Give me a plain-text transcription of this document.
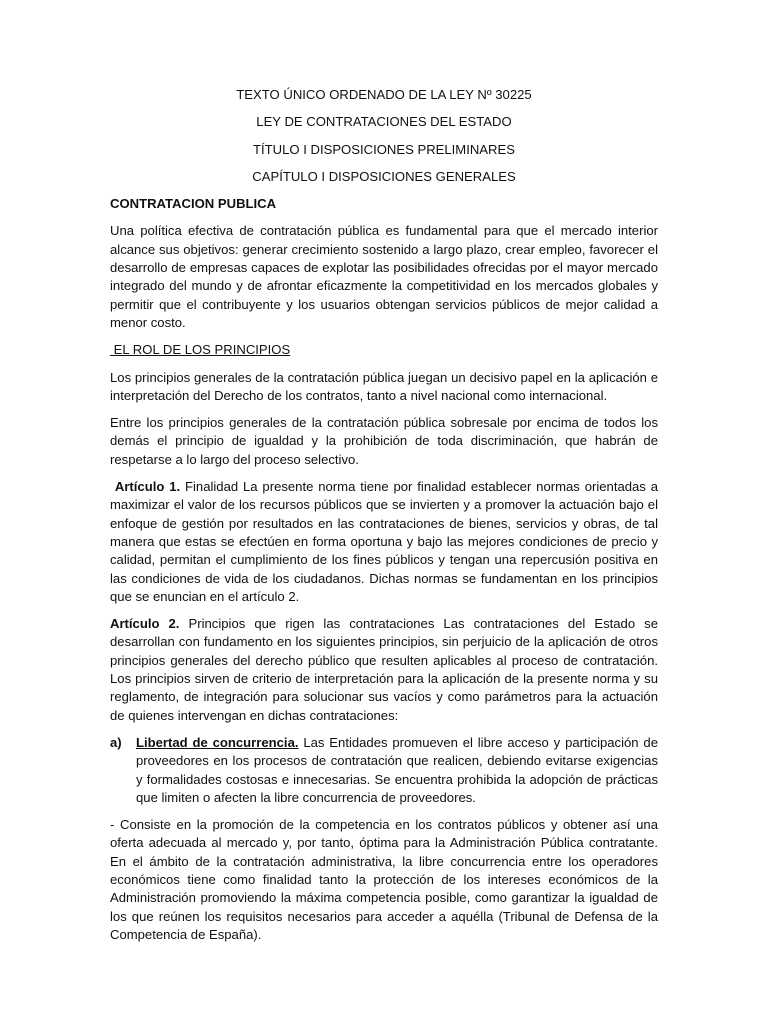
TEXTO ÚNICO ORDENADO DE LA LEY Nº 30225
LEY DE CONTRATACIONES DEL ESTADO
TÍTULO I DISPOSICIONES PRELIMINARES
CAPÍTULO I DISPOSICIONES GENERALES
CONTRATACION PUBLICA

Una política efectiva de contratación pública es fundamental para que el mercado interior alcance sus objetivos: generar crecimiento sostenido a largo plazo, crear empleo, favorecer el desarrollo de empresas capaces de explotar las posibilidades ofrecidas por el mayor mercado integrado del mundo y de afrontar eficazmente la competitividad en los mercados globales y permitir que el contribuyente y los usuarios obtengan servicios públicos de mejor calidad a menor costo.

EL ROL DE LOS PRINCIPIOS

Los principios generales de la contratación pública juegan un decisivo papel en la aplicación e interpretación del Derecho de los contratos, tanto a nivel nacional como internacional.

Entre los principios generales de la contratación pública sobresale por encima de todos los demás el principio de igualdad y la prohibición de toda discriminación, que habrán de respetarse a lo largo del proceso selectivo.

Artículo 1. Finalidad La presente norma tiene por finalidad establecer normas orientadas a maximizar el valor de los recursos públicos que se invierten y a promover la actuación bajo el enfoque de gestión por resultados en las contrataciones de bienes, servicios y obras, de tal manera que estas se efectúen en forma oportuna y bajo las mejores condiciones de precio y calidad, permitan el cumplimiento de los fines públicos y tengan una repercusión positiva en las condiciones de vida de los ciudadanos. Dichas normas se fundamentan en los principios que se enuncian en el artículo 2.

Artículo 2. Principios que rigen las contrataciones Las contrataciones del Estado se desarrollan con fundamento en los siguientes principios, sin perjuicio de la aplicación de otros principios generales del derecho público que resulten aplicables al proceso de contratación. Los principios sirven de criterio de interpretación para la aplicación de la presente norma y su reglamento, de integración para solucionar sus vacíos y como parámetros para la actuación de quienes intervengan en dichas contrataciones:

a)	Libertad de concurrencia. Las Entidades promueven el libre acceso y participación de proveedores en los procesos de contratación que realicen, debiendo evitarse exigencias y formalidades costosas e innecesarias. Se encuentra prohibida la adopción de prácticas que limiten o afecten la libre concurrencia de proveedores.

- Consiste en la promoción de la competencia en los contratos públicos y obtener así una oferta adecuada al mercado y, por tanto, óptima para la Administración Pública contratante. En el ámbito de la contratación administrativa, la libre concurrencia entre los operadores económicos tiene como finalidad tanto la protección de los intereses económicos de la Administración promoviendo la máxima competencia posible, como garantizar la igualdad de los que reúnen los requisitos necesarios para acceder a aquélla (Tribunal de Defensa de la Competencia de España).
